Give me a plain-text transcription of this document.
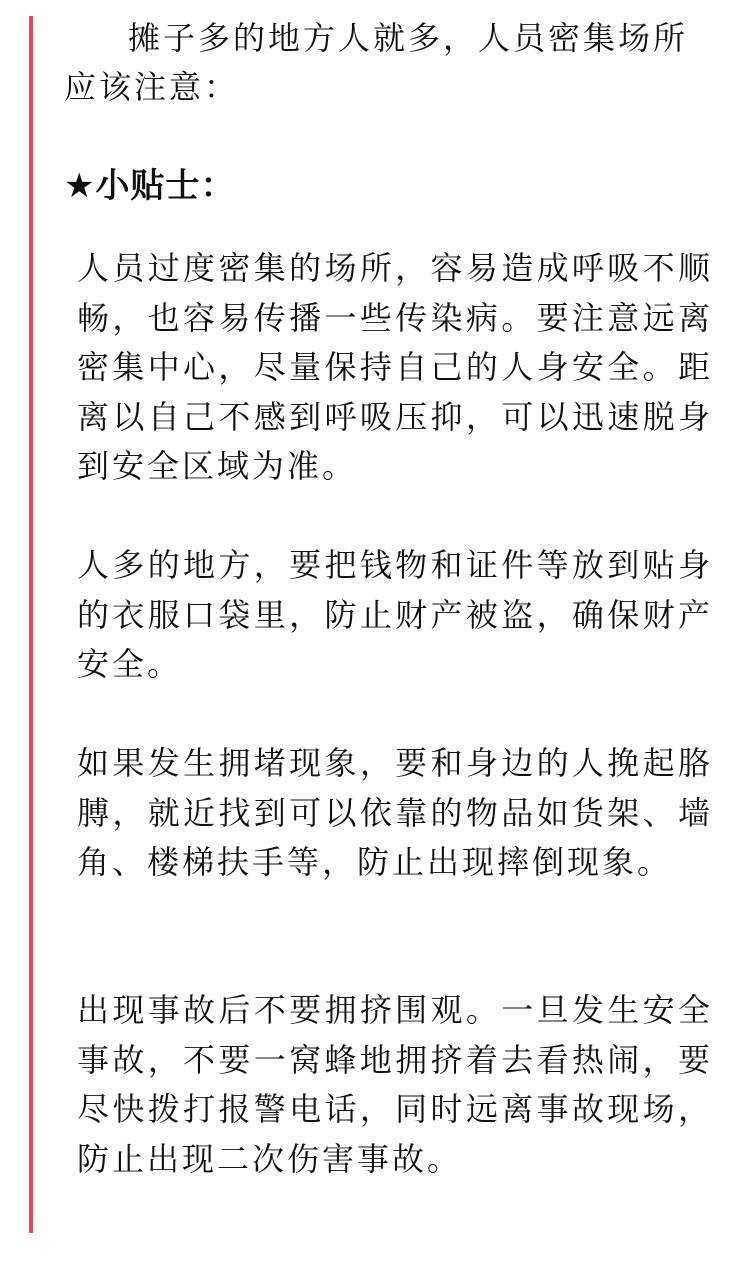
摊子多的地方人就多，人员密集场所应该注意：

★小贴士：

人员过度密集的场所，容易造成呼吸不顺畅，也容易传播一些传染病。要注意远离密集中心，尽量保持自己的人身安全。距离以自己不感到呼吸压抑，可以迅速脱身到安全区域为准。

人多的地方，要把钱物和证件等放到贴身的衣服口袋里，防止财产被盗，确保财产安全。

如果发生拥堵现象，要和身边的人挽起胳膊，就近找到可以依靠的物品如货架、墙角、楼梯扶手等，防止出现摔倒现象。

出现事故后不要拥挤围观。一旦发生安全事故，不要一窝蜂地拥挤着去看热闹，要尽快拨打报警电话，同时远离事故现场，防止出现二次伤害事故。
